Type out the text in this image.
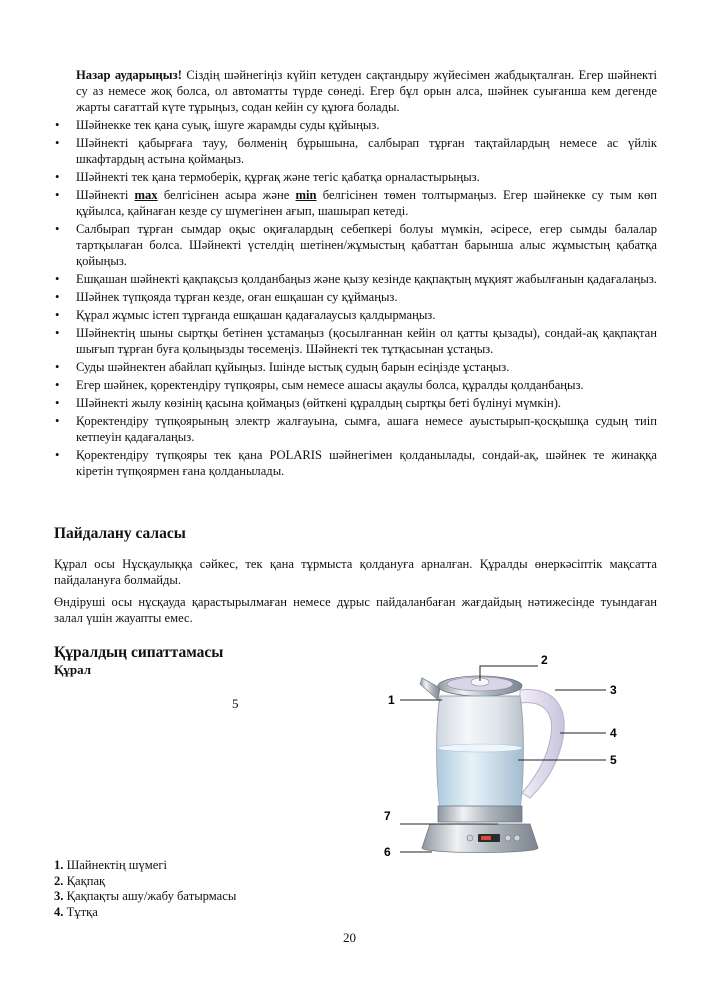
Назар аударыңыз! Сіздің шәйнегіңіз күйіп кетуден сақтандыру жүйесімен жабдықталған. Егер шәйнекті су аз немесе жоқ болса, ол автоматты түрде сөнеді. Егер бұл орын алса, шәйнек суығанша кем дегенде жарты сағаттай күте тұрыңыз, содан кейін су құюға болады.
• Шәйнекке тек қана суық, ішуге жарамды суды құйыңыз.
• Шәйнекті қабырғаға тауу, бөлменің бұрышына, салбырап тұрған тақтайлардың немесе ас үйлік шкафтардың астына қоймаңыз.
• Шәйнекті тек қана термоберік, құрғақ және тегіс қабатқа орналастырыңыз.
• Шәйнекті max белгісінен асыра және min белгісінен төмен толтырмаңыз. Егер шәйнекке су тым көп құйылса, қайнаған кезде су шүмегінен ағып, шашырап кетеді.
• Салбырап тұрған сымдар оқыс оқиғалардың себепкері болуы мүмкін, әсіресе, егер сымды балалар тартқылаған болса. Шәйнекті үстелдің шетінен/жұмыстың қабаттан барынша алыс жұмыстың қабатқа қойыңыз.
• Ешқашан шәйнекті қақпақсыз қолданбаңыз және қызу кезінде қақпақтың мұқият жабылғанын қадағалаңыз.
• Шәйнек түпқояда тұрған кезде, оған ешқашан су құймаңыз.
• Құрал жұмыс істеп тұрғанда ешқашан қадағалаусыз қалдырмаңыз.
• Шәйнектің шыны сыртқы бетінен ұстамаңыз (қосылғаннан кейін ол қатты қызады), сондай-ақ қақпақтан шығып тұрған буға қолыңызды төсемеңіз. Шәйнекті тек тұтқасынан ұстаңыз.
• Суды шәйнектен абайлап құйыңыз. Ішінде ыстық судың барын есіңізде ұстаңыз.
• Егер шәйнек, қоректендіру түпқояры, сым немесе ашасы ақаулы болса, құралды қолданбаңыз.
• Шәйнекті жылу көзінің қасына қоймаңыз (өйткені құралдың сыртқы беті бүлінуі мүмкін).
• Қоректендіру түпқоярының электр жалғауына, сымға, ашаға немесе ауыстырып-қосқышқа судың тиіп кетпеуін қадағалаңыз.
• Қоректендіру түпқояры тек қана POLARIS шәйнегімен қолданылады, сондай-ақ, шәйнек те жинаққа кіретін түпқоярмен ғана қолданылады.
Пайдалану саласы
Құрал осы Нұсқаулыққа сәйкес, тек қана тұрмыста қолдануға арналған. Құралды өнеркәсіптік мақсатта пайдалануға болмайды.
Өндіруші осы нұсқауда қарастырылмаған немесе дұрыс пайдаланбаған жағдайдың нәтижесінде туындаған залал үшін жауапты емес.
Құралдың сипаттамасы
Құрал
5	1
2
3
4
5
6
7
1. Шайнектің шүмегі
2. Қақпақ
3. Қақпақты ашу/жабу батырмасы
4. Тұтқа
20
